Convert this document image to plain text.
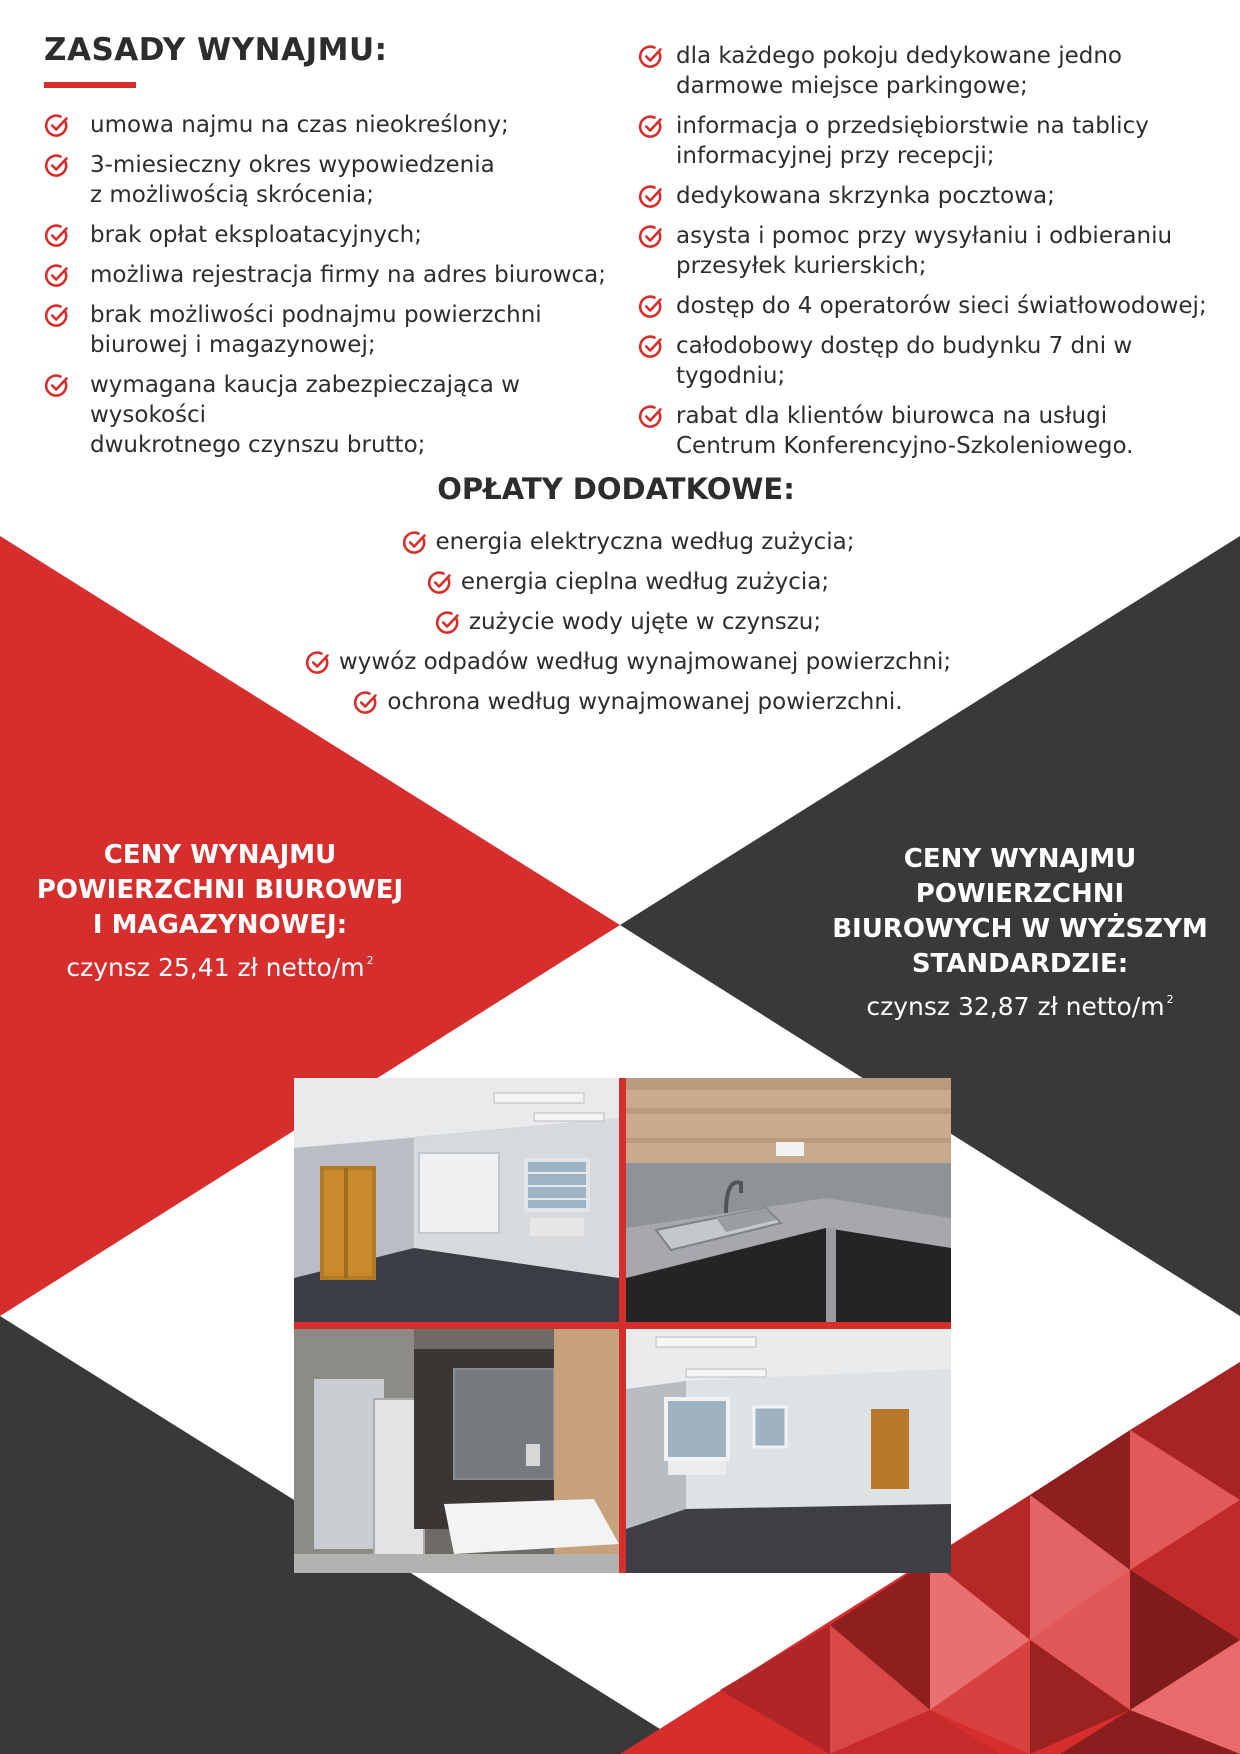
ZASADY WYNAJMU:
umowa najmu na czas nieokreślony;
3-miesieczny okres wypowiedzenia
z możliwością skrócenia;
brak opłat eksploatacyjnych;
możliwa rejestracja firmy na adres biurowca;
brak możliwości podnajmu powierzchni
biurowej i magazynowej;
wymagana kaucja zabezpieczająca w wysokości
dwukrotnego czynszu brutto;
dla każdego pokoju dedykowane jedno
darmowe miejsce parkingowe;
informacja o przedsiębiorstwie na tablicy
informacyjnej przy recepcji;
dedykowana skrzynka pocztowa;
asysta i pomoc przy wysyłaniu i odbieraniu
przesyłek kurierskich;
dostęp do 4 operatorów sieci światłowodowej;
całodobowy dostęp do budynku 7 dni w tygodniu;
rabat dla klientów biurowca na usługi
Centrum Konferencyjno-Szkoleniowego.
OPŁATY DODATKOWE:
energia elektryczna według zużycia;
energia cieplna według zużycia;
zużycie wody ujęte w czynszu;
wywóz odpadów według wynajmowanej powierzchni;
ochrona według wynajmowanej powierzchni.
CENY WYNAJMU
POWIERZCHNI BIUROWEJ
I MAGAZYNOWEJ:
czynsz 25,41 zł netto/m $^2$
CENY WYNAJMU
POWIERZCHNI
BIUROWYCH W WYŻSZYM
STANDARDZIE:
czynsz 32,87 zł netto/m $^2$
